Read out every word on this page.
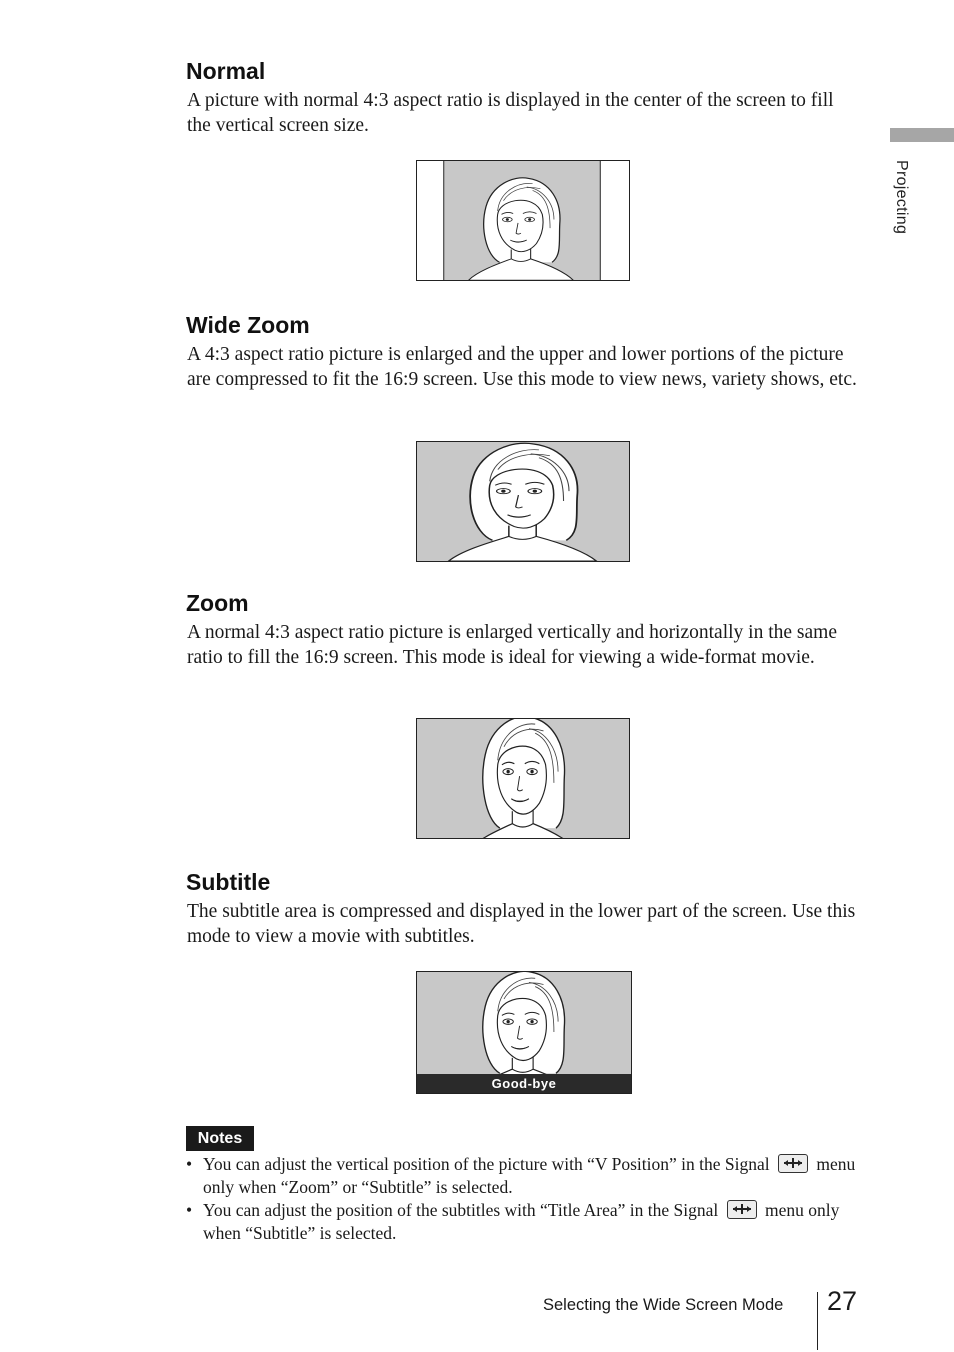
Projecting
Normal
A picture with normal 4:3 aspect ratio is displayed in the center of the screen to fill the vertical screen size.
Wide Zoom
A 4:3 aspect ratio picture is enlarged and the upper and lower portions of the picture are compressed to fit the 16:9 screen. Use this mode to view news, variety shows, etc.
Zoom
A normal 4:3 aspect ratio picture is enlarged vertically and horizontally in the same ratio to fill the 16:9 screen. This mode is ideal for viewing a wide-format movie.
Subtitle
The subtitle area is compressed and displayed in the lower part of the screen. Use this mode to view a movie with subtitles.
Good-bye
Notes
• You can adjust the vertical position of the picture with “V Position” in the Signal	menu only when “Zoom” or “Subtitle” is selected.
• You can adjust the position of the subtitles with “Title Area” in the Signal	menu only when “Subtitle” is selected.
Selecting the Wide Screen Mode 27
